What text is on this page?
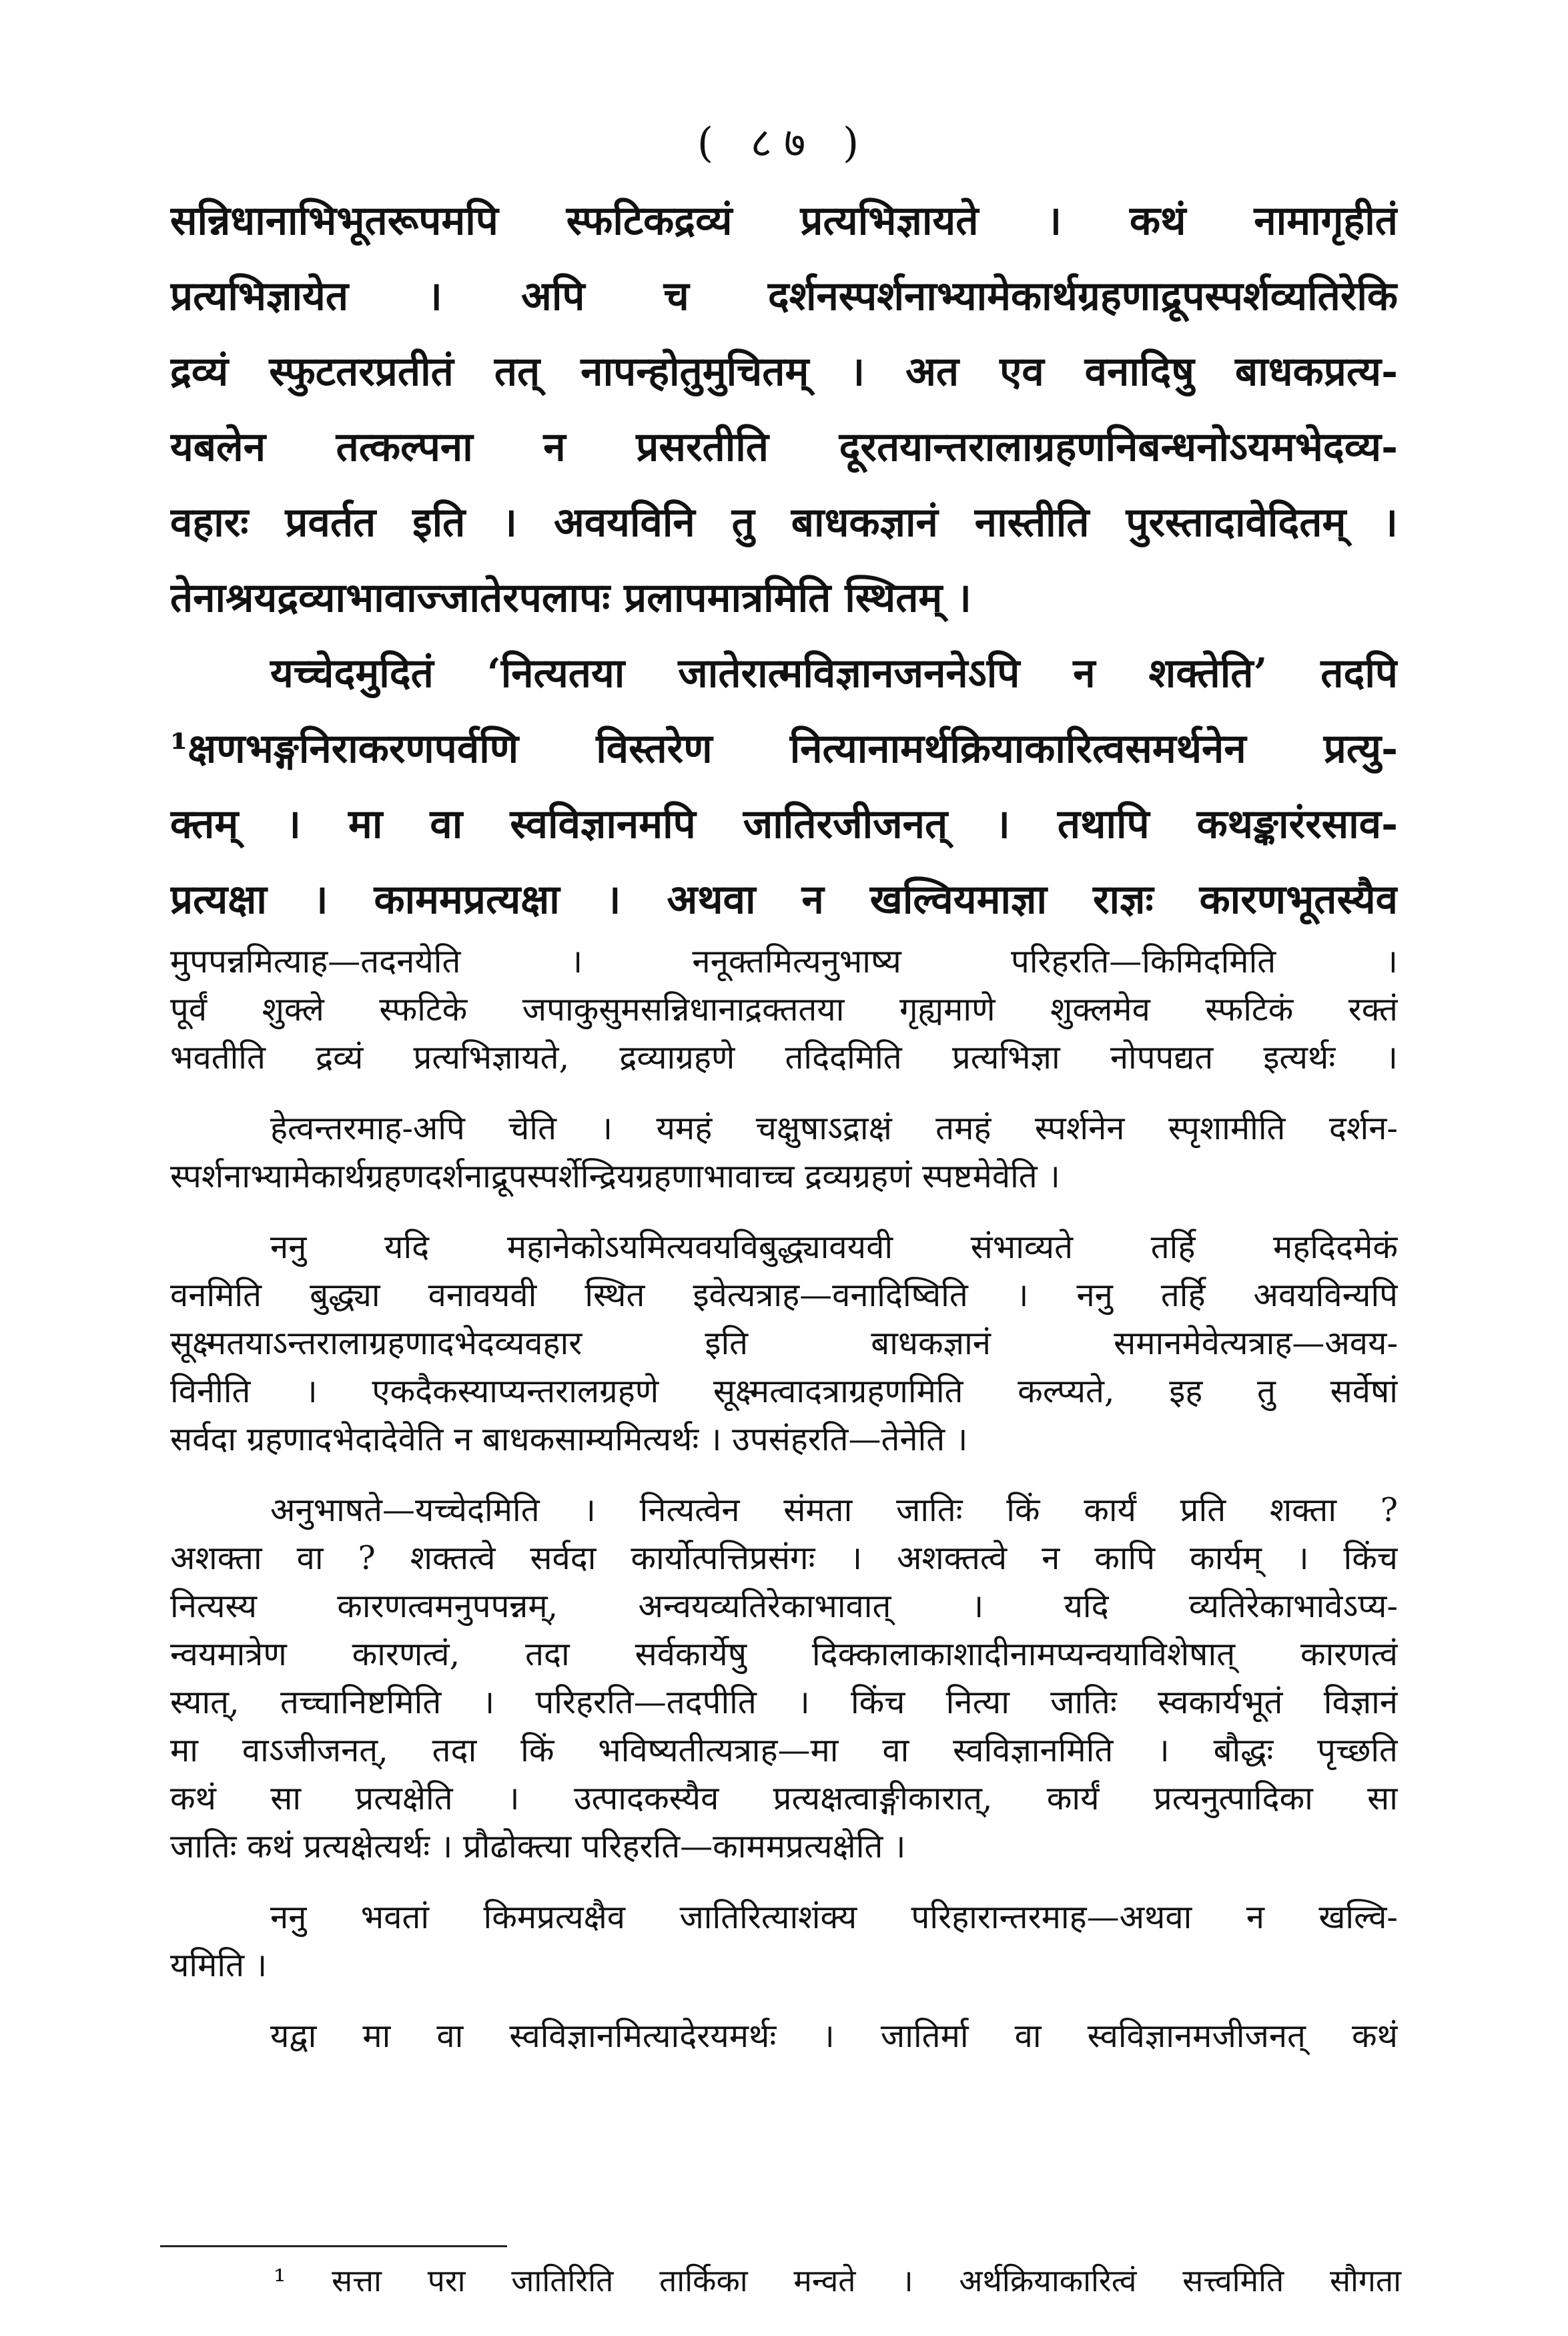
( ८७ )
सन्निधानाभिभूतरूपमपि स्फटिकद्रव्यं प्रत्यभिज्ञायते । कथं नामागृहीतं
प्रत्यभिज्ञायेत । अपि च दर्शनस्पर्शनाभ्यामेकार्थग्रहणाद्रूपस्पर्शव्यतिरेकि
द्रव्यं स्फुटतरप्रतीतं तत् नापन्होतुमुचितम् । अत एव वनादिषु बाधकप्रत्य-
यबलेन तत्कल्पना न प्रसरतीति दूरतयान्तरालाग्रहणनिबन्धनोऽयमभेदव्य-
वहारः प्रवर्तत इति । अवयविनि तु बाधकज्ञानं नास्तीति पुरस्तादावेदितम् ।
तेनाश्रयद्रव्याभावाज्जातेरपलापः प्रलापमात्रमिति स्थितम् ।
यच्चेदमुदितं ‘नित्यतया जातेरात्मविज्ञानजननेऽपि न शक्तेति’ तदपि
¹क्षणभङ्गनिराकरणपर्वणि विस्तरेण नित्यानामर्थक्रियाकारित्वसमर्थनेन प्रत्यु-
क्तम् । मा वा स्वविज्ञानमपि जातिरजीजनत् । तथापि कथङ्कारंरसाव-
प्रत्यक्षा । काममप्रत्यक्षा । अथवा न खल्वियमाज्ञा राज्ञः कारणभूतस्यैव
मुपपन्नमित्याह—तदनयेति । ननूक्तमित्यनुभाष्य परिहरति—किमिदमिति ।
पूर्वं शुक्ले स्फटिके जपाकुसुमसन्निधानाद्रक्ततया गृह्यमाणे शुक्लमेव स्फटिकं रक्तं
भवतीति द्रव्यं प्रत्यभिज्ञायते, द्रव्याग्रहणे तदिदमिति प्रत्यभिज्ञा नोपपद्यत इत्यर्थः ।
हेत्वन्तरमाह-अपि चेति । यमहं चक्षुषाऽद्राक्षं तमहं स्पर्शनेन स्पृशामीति दर्शन-
स्पर्शनाभ्यामेकार्थग्रहणदर्शनाद्रूपस्पर्शेन्द्रियग्रहणाभावाच्च द्रव्यग्रहणं स्पष्टमेवेति ।
ननु यदि महानेकोऽयमित्यवयविबुद्ध्यावयवी संभाव्यते तर्हि महदिदमेकं
वनमिति बुद्ध्या वनावयवी स्थित इवेत्यत्राह—वनादिष्विति । ननु तर्हि अवयविन्यपि
सूक्ष्मतयाऽन्तरालाग्रहणादभेदव्यवहार इति बाधकज्ञानं समानमेवेत्यत्राह—अवय-
विनीति । एकदैकस्याप्यन्तरालग्रहणे सूक्ष्मत्वादत्राग्रहणमिति कल्प्यते, इह तु सर्वेषां
सर्वदा ग्रहणादभेदादेवेति न बाधकसाम्यमित्यर्थः । उपसंहरति—तेनेति ।
अनुभाषते—यच्चेदमिति । नित्यत्वेन संमता जातिः किं कार्यं प्रति शक्ता ?
अशक्ता वा ? शक्तत्वे सर्वदा कार्योत्पत्तिप्रसंगः । अशक्तत्वे न कापि कार्यम् । किंच
नित्यस्य कारणत्वमनुपपन्नम्, अन्वयव्यतिरेकाभावात् । यदि व्यतिरेकाभावेऽप्य-
न्वयमात्रेण कारणत्वं, तदा सर्वकार्येषु दिक्कालाकाशादीनामप्यन्वयाविशेषात् कारणत्वं
स्यात्, तच्चानिष्टमिति । परिहरति—तदपीति । किंच नित्या जातिः स्वकार्यभूतं विज्ञानं
मा वाऽजीजनत्, तदा किं भविष्यतीत्यत्राह—मा वा स्वविज्ञानमिति । बौद्धः पृच्छति
कथं सा प्रत्यक्षेति । उत्पादकस्यैव प्रत्यक्षत्वाङ्गीकारात्, कार्यं प्रत्यनुत्पादिका सा
जातिः कथं प्रत्यक्षेत्यर्थः । प्रौढोक्त्या परिहरति—काममप्रत्यक्षेति ।
ननु भवतां किमप्रत्यक्षैव जातिरित्याशंक्य परिहारान्तरमाह—अथवा न खल्वि-
यमिति ।
यद्वा मा वा स्वविज्ञानमित्यादेरयमर्थः । जातिर्मा वा स्वविज्ञानमजीजनत् कथं
¹ सत्ता परा जातिरिति तार्किका मन्वते । अर्थक्रियाकारित्वं सत्त्वमिति सौगता
